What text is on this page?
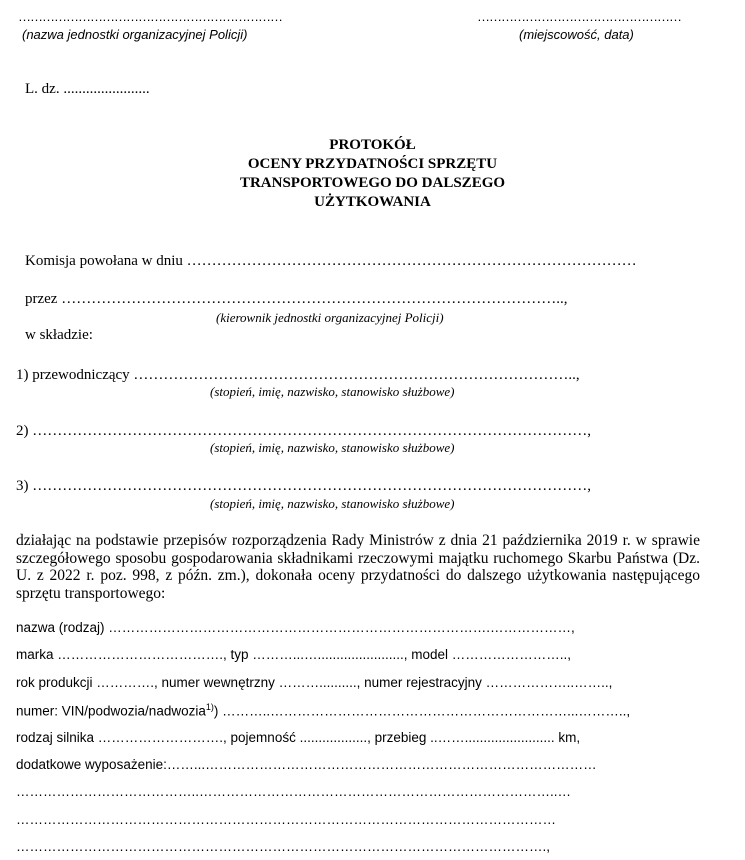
…………………………………………………………
(nazwa jednostki organizacyjnej Policji)
……………………………………………
(miejscowość, data)
L. dz. .......................
PROTOKÓŁ
OCENY PRZYDATNOŚCI SPRZĘTU
TRANSPORTOWEGO DO DALSZEGO
UŻYTKOWANIA
Komisja powołana w dniu ………………………………………………………………………………
przez ………………………………………………………………………………………..,
(kierownik jednostki organizacyjnej Policji)
w składzie:
1) przewodniczący ……………………………………………………………………………..,
(stopień, imię, nazwisko, stanowisko służbowe)
2) …………………………………………………………………………………………………,
(stopień, imię, nazwisko, stanowisko służbowe)
3) …………………………………………………………………………………………………,
(stopień, imię, nazwisko, stanowisko służbowe)
działając na podstawie przepisów rozporządzenia Rady Ministrów z dnia 21 października 2019 r. w sprawie szczegółowego sposobu gospodarowania składnikami rzeczowymi majątku ruchomego Skarbu Państwa (Dz. U. z 2022 r. poz. 998, z późn. zm.), dokonała oceny przydatności do dalszego użytkowania następującego sprzętu transportowego:
nazwa (rodzaj) ………………………………………………………………………….………………,
marka ………………………………., typ ………...…......................., model ……………………..,
rok produkcji …………., numer wewnętrzny ……….........., numer rejestracyjny ………………..……..,
numer: VIN/podwozia/nadwozia$^{1)}$) ………..…………………………………………………………...………..,
rodzaj silnika ………………………., pojemność .................., przebieg ..……........................ km,
dodatkowe wyposażenie:……...……………………………………………………………………………
…………………………………..……………………………………………………………………..…
…………………………………………………………………………………………………………
……………………………………………………………………………………………………….,
